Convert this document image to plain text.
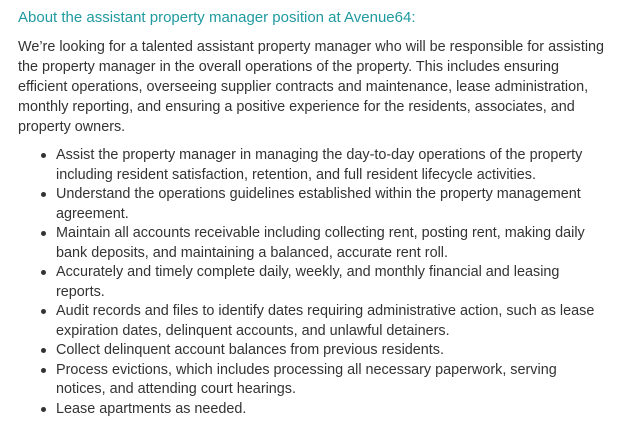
About the assistant property manager position at Avenue64:

We’re looking for a talented assistant property manager who will be responsible for assisting the property manager in the overall operations of the property. This includes ensuring efficient operations, overseeing supplier contracts and maintenance, lease administration, monthly reporting, and ensuring a positive experience for the residents, associates, and property owners.

Assist the property manager in managing the day-to-day operations of the property including resident satisfaction, retention, and full resident lifecycle activities.
Understand the operations guidelines established within the property management agreement.
Maintain all accounts receivable including collecting rent, posting rent, making daily bank deposits, and maintaining a balanced, accurate rent roll.
Accurately and timely complete daily, weekly, and monthly financial and leasing reports.
Audit records and files to identify dates requiring administrative action, such as lease expiration dates, delinquent accounts, and unlawful detainers.
Collect delinquent account balances from previous residents.
Process evictions, which includes processing all necessary paperwork, serving notices, and attending court hearings.
Lease apartments as needed.
